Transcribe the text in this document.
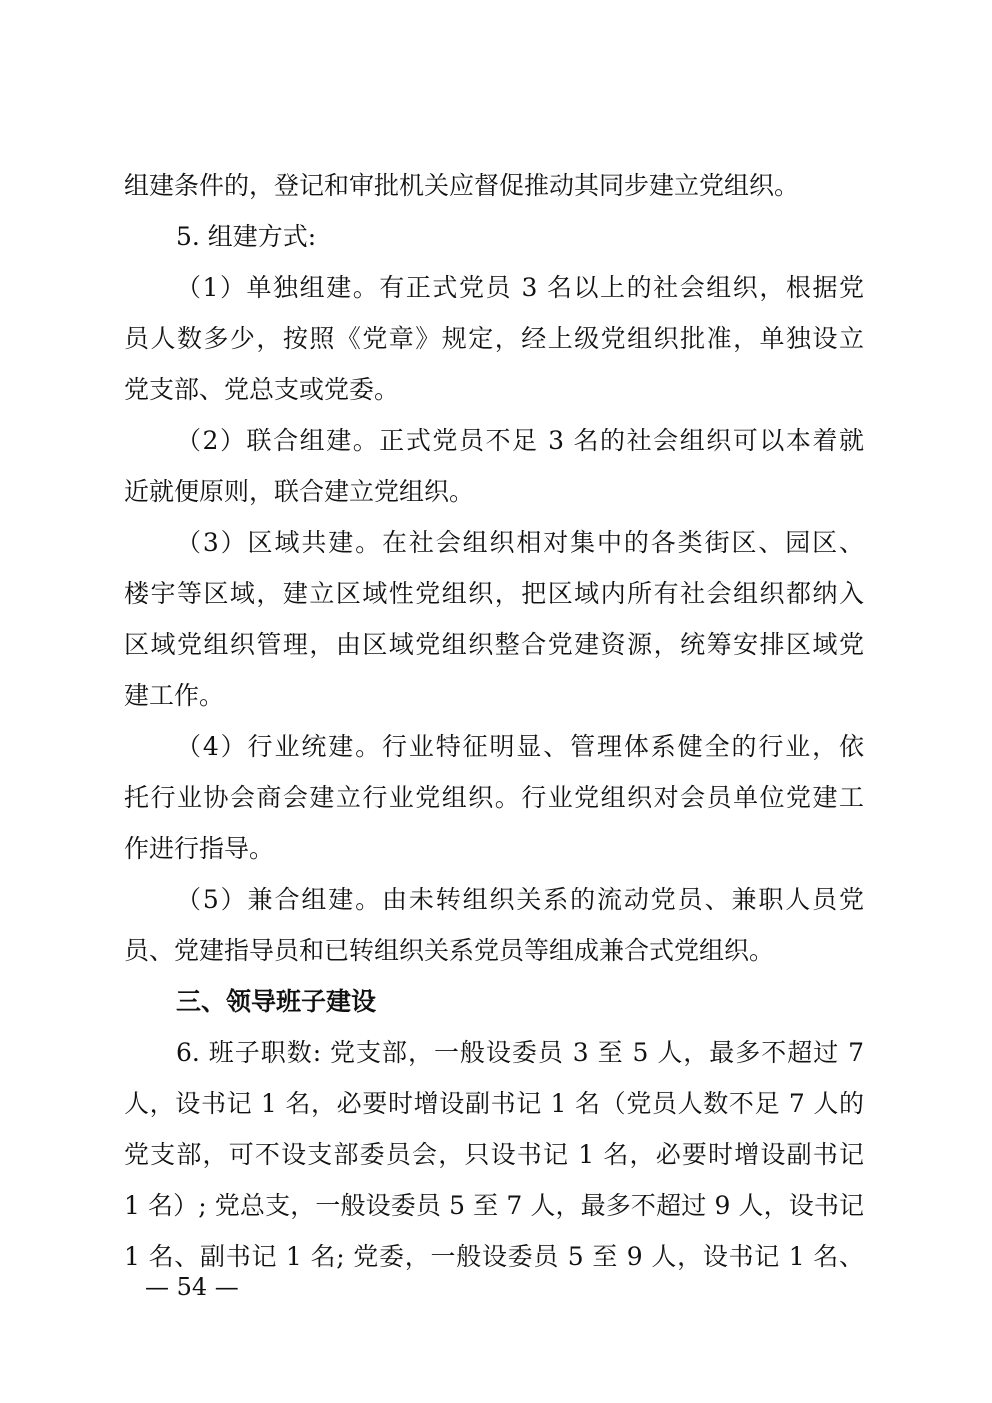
组建条件的，登记和审批机关应督促推动其同步建立党组织。
5. 组建方式:
（1）单独组建。有正式党员 3 名以上的社会组织，根据党
员人数多少，按照《党章》规定，经上级党组织批准，单独设立
党支部、党总支或党委。
（2）联合组建。正式党员不足 3 名的社会组织可以本着就
近就便原则，联合建立党组织。
（3）区域共建。在社会组织相对集中的各类街区、园区、
楼宇等区域，建立区域性党组织，把区域内所有社会组织都纳入
区域党组织管理，由区域党组织整合党建资源，统筹安排区域党
建工作。
（4）行业统建。行业特征明显、管理体系健全的行业，依
托行业协会商会建立行业党组织。行业党组织对会员单位党建工
作进行指导。
（5）兼合组建。由未转组织关系的流动党员、兼职人员党
员、党建指导员和已转组织关系党员等组成兼合式党组织。
三、领导班子建设
6. 班子职数: 党支部，一般设委员 3 至 5 人，最多不超过 7
人，设书记 1 名，必要时增设副书记 1 名（党员人数不足 7 人的
党支部，可不设支部委员会，只设书记 1 名，必要时增设副书记
1 名）; 党总支，一般设委员 5 至 7 人，最多不超过 9 人，设书记
1 名、副书记 1 名; 党委，一般设委员 5 至 9 人，设书记 1 名、
— 54 —
